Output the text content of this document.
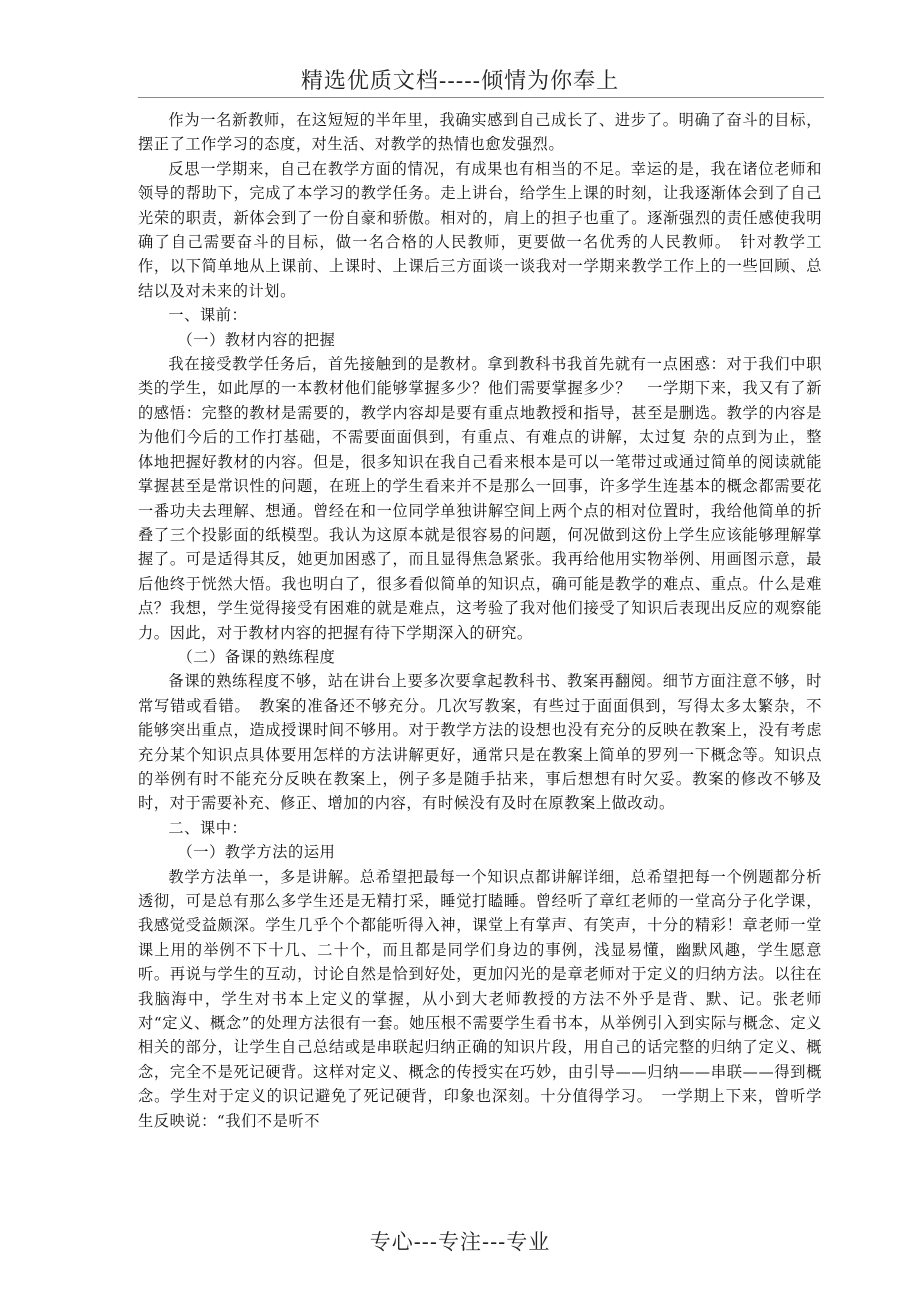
精选优质文档-----倾情为你奉上

作为一名新教师，在这短短的半年里，我确实感到自己成长了、进步了。明确了奋斗的目标，摆正了工作学习的态度，对生活、对教学的热情也愈发强烈。

反思一学期来，自己在教学方面的情况，有成果也有相当的不足。幸运的是，我在诸位老师和领导的帮助下，完成了本学习的教学任务。走上讲台，给学生上课的时刻，让我逐渐体会到了自己光荣的职责，新体会到了一份自豪和骄傲。相对的，肩上的担子也重了。逐渐强烈的责任感使我明确了自己需要奋斗的目标，做一名合格的人民教师，更要做一名优秀的人民教师。　针对教学工作，以下简单地从上课前、上课时、上课后三方面谈一谈我对一学期来教学工作上的一些回顾、总结以及对未来的计划。

一、课前：

（一）教材内容的把握

我在接受教学任务后，首先接触到的是教材。拿到教科书我首先就有一点困惑：对于我们中职类的学生，如此厚的一本教材他们能够掌握多少？他们需要掌握多少？　一学期下来，我又有了新的感悟：完整的教材是需要的，教学内容却是要有重点地教授和指导，甚至是删选。教学的内容是为他们今后的工作打基础，不需要面面俱到，有重点、有难点的讲解，太过复 杂的点到为止，整体地把握好教材的内容。但是，很多知识在我自己看来根本是可以一笔带过或通过简单的阅读就能掌握甚至是常识性的问题，在班上的学生看来并不是那么一回事，许多学生连基本的概念都需要花一番功夫去理解、想通。曾经在和一位同学单独讲解空间上两个点的相对位置时，我给他简单的折叠了三个投影面的纸模型。我认为这原本就是很容易的问题，何况做到这份上学生应该能够理解掌握了。可是适得其反，她更加困惑了，而且显得焦急紧张。我再给他用实物举例、用画图示意，最后他终于恍然大悟。我也明白了，很多看似简单的知识点，确可能是教学的难点、重点。什么是难点？我想，学生觉得接受有困难的就是难点，这考验了我对他们接受了知识后表现出反应的观察能力。因此，对于教材内容的把握有待下学期深入的研究。

（二）备课的熟练程度

备课的熟练程度不够，站在讲台上要多次要拿起教科书、教案再翻阅。细节方面注意不够，时常写错或看错。　教案的准备还不够充分。几次写教案，有些过于面面俱到，写得太多太繁杂，不能够突出重点，造成授课时间不够用。对于教学方法的设想也没有充分的反映在教案上，没有考虑充分某个知识点具体要用怎样的方法讲解更好，通常只是在教案上简单的罗列一下概念等。知识点的举例有时不能充分反映在教案上，例子多是随手拈来，事后想想有时欠妥。教案的修改不够及时，对于需要补充、修正、增加的内容，有时候没有及时在原教案上做改动。

二、课中：

（一）教学方法的运用

教学方法单一，多是讲解。总希望把最每一个知识点都讲解详细，总希望把每一个例题都分析透彻，可是总有那么多学生还是无精打采，睡觉打瞌睡。曾经听了章红老师的一堂高分子化学课，我感觉受益颇深。学生几乎个个都能听得入神，课堂上有掌声、有笑声，十分的精彩！章老师一堂课上用的举例不下十几、二十个，而且都是同学们身边的事例，浅显易懂，幽默风趣，学生愿意听。再说与学生的互动，讨论自然是恰到好处，更加闪光的是章老师对于定义的归纳方法。以往在我脑海中，学生对书本上定义的掌握，从小到大老师教授的方法不外乎是背、默、记。张老师对“定义、概念”的处理方法很有一套。她压根不需要学生看书本，从举例引入到实际与概念、定义相关的部分，让学生自己总结或是串联起归纳正确的知识片段，用自己的话完整的归纳了定义、概念，完全不是死记硬背。这样对定义、概念的传授实在巧妙，由引导——归纳——串联——得到概念。学生对于定义的识记避免了死记硬背，印象也深刻。十分值得学习。　一学期上下来，曾听学生反映说：“我们不是听不

专心---专注---专业
